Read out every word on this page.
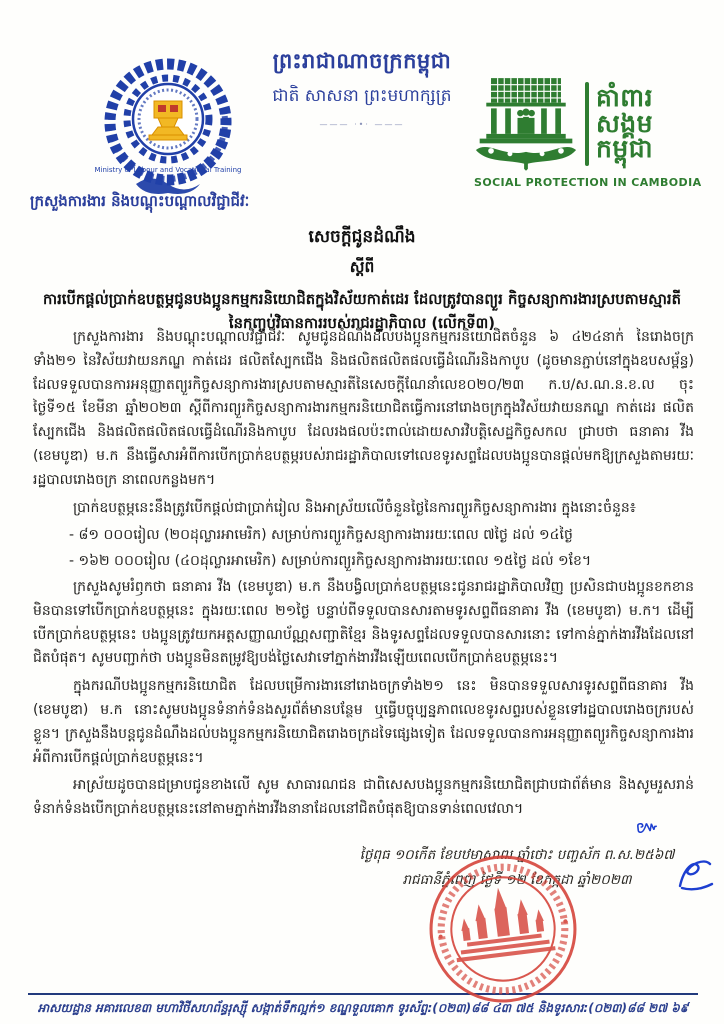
ព្រះរាជាណាចក្រកម្ពុជា
ជាតិ សាសនា ព្រះមហាក្សត្រ
——— ·•· ———
Ministry of Labour and Vocational Training
គាំពារ
សង្គម
កម្ពុជា
SOCIAL PROTECTION IN CAMBODIA
ក្រសួងការងារ និងបណ្តុះបណ្តាលវិជ្ជាជីវៈ
សេចក្តីជូនដំណឹង
ស្តីពី
ការបើកផ្តល់ប្រាក់ឧបត្ថម្ភជូនបងប្អូនកម្មករនិយោជិតក្នុងវិស័យកាត់ដេរ ដែលត្រូវបានព្យួរ កិច្ចសន្យាការងារស្របតាមស្មារតីនៃកញ្ចប់វិធានការរបស់រាជរដ្ឋាភិបាល (លើកទី៣)

ក្រសួងការងារ និងបណ្តុះបណ្តាលវិជ្ជាជីវៈ សូមជូនដំណឹងដល់បងប្អូនកម្មករនិយោជិតចំនួន ៦ ៤២៤នាក់ នៃរោងចក្រទាំង២១ នៃវិស័យវាយនភណ្ឌ កាត់ដេរ ផលិតស្បែកជើង និងផលិតផលិតផលធ្វើដំណើរនិងកាបូប (ដូចមានភ្ជាប់នៅក្នុងឧបសម្ព័ន្ធ) ដែលទទួលបានការអនុញ្ញាតព្យួរកិច្ចសន្យាការងារស្របតាមស្មារតីនៃសេចក្តីណែនាំលេខ០២០/២៣ ក.ប/ស.ណ.ន.ខ.ល ចុះថ្ងៃទី១៥ ខែមីនា ឆ្នាំ២០២៣ ស្តីពីការព្យួរកិច្ចសន្យាការងារកម្មករនិយោជិតធ្វើការនៅរោងចក្រក្នុងវិស័យវាយនភណ្ឌ កាត់ដេរ ផលិតស្បែកជើង និងផលិតផលិតផលធ្វើដំណើរនិងកាបូប ដែលរងផលប៉ះពាល់ដោយសារវិបត្តិសេដ្ឋកិច្ចសកល ជ្រាបថា ធនាគារ វីង (ខេមបូឌា) ម.ក នឹងធ្វើសារអំពីការបើកប្រាក់ឧបត្ថម្ភរបស់រាជរដ្ឋាភិបាលទៅលេខទូរសព្ទដែលបងប្អូនបានផ្តល់មកឱ្យក្រសួងតាមរយៈរដ្ឋបាលរោងចក្រ នាពេលកន្លងមក។

ប្រាក់ឧបត្ថម្ភនេះនឹងត្រូវបើកផ្តល់ជាប្រាក់រៀល និងអាស្រ័យលើចំនួនថ្ងៃនៃការព្យួរកិច្ចសន្យាការងារ ក្នុងនោះចំនួន៖

- ៨១ ០០០រៀល (២០ដុល្លារអាមេរិក) សម្រាប់ការព្យួរកិច្ចសន្យាការងាររយៈពេល ៧ថ្ងៃ ដល់ ១៤ថ្ងៃ

- ១៦២ ០០០រៀល (៤០ដុល្លារអាមេរិក) សម្រាប់ការព្យួរកិច្ចសន្យាការងាររយៈពេល ១៥ថ្ងៃ ដល់ ១ខែ។

ក្រសួងសូមរំឭកថា ធនាគារ វីង (ខេមបូឌា) ម.ក នឹងបង្វិលប្រាក់ឧបត្ថម្ភនេះជូនរាជរដ្ឋាភិបាលវិញ ប្រសិនជាបងប្អូនខកខាន មិនបានទៅបើកប្រាក់ឧបត្ថម្ភនេះ ក្នុងរយៈពេល ២១ថ្ងៃ បន្ទាប់ពីទទួលបានសារតាមទូរសព្ទពីធនាគារ វីង (ខេមបូឌា) ម.ក។ ដើម្បីបើកប្រាក់ឧបត្ថម្ភនេះ បងប្អូនត្រូវយកអត្តសញ្ញាណប័ណ្ណសញ្ជាតិខ្មែរ និងទូរសព្ទដែលទទួលបានសារនោះ ទៅកាន់ភ្នាក់ងារវីងដែលនៅជិតបំផុត។ សូមបញ្ជាក់ថា បងប្អូនមិនតម្រូវឱ្យបង់ថ្លៃសេវាទៅភ្នាក់ងារវីងឡើយពេលបើកប្រាក់ឧបត្ថម្ភនេះ។

ក្នុងករណីបងប្អូនកម្មករនិយោជិត ដែលបម្រើការងារនៅរោងចក្រទាំង២១ នេះ មិនបានទទួលសារទូរសព្ទពីធនាគារ វីង (ខេមបូឌា) ម.ក នោះសូមបងប្អូនទំនាក់ទំនងសួរព័ត៌មានបន្ថែម ឬធ្វើបច្ចុប្បន្នភាពលេខទូរសព្ទរបស់ខ្លួនទៅរដ្ឋបាលរោងចក្ររបស់ខ្លួន។ ក្រសួងនឹងបន្តជូនដំណឹងដល់បងប្អូនកម្មករនិយោជិតរោងចក្រដទៃផ្សេងទៀត ដែលទទួលបានការអនុញ្ញាតព្យួរកិច្ចសន្យាការងារអំពីការបើកផ្តល់ប្រាក់ឧបត្ថម្ភនេះ។

អាស្រ័យដូចបានជម្រាបជូនខាងលើ សូម សាធារណជន ជាពិសេសបងប្អូនកម្មករនិយោជិតជ្រាបជាព័ត៌មាន និងសូមរួសរាន់ទំនាក់ទំនងបើកប្រាក់ឧបត្ថម្ភនេះនៅតាមភ្នាក់ងារវីងនានាដែលនៅជិតបំផុតឱ្យបានទាន់ពេលវេលា។

៚
ថ្ងៃពុធ ១០កើត ខែបឋមាសាឍ ឆ្នាំថោះ បញ្ចស័ក ព.ស.២៥៦៧
រាជធានីភ្នំពេញ ថ្ងៃទី ១២ ខែកក្កដា ឆ្នាំ២០២៣
អាសយដ្ឋាន អគារលេខ៣ មហាវិថីសហព័ន្ធរុស្ស៊ី សង្កាត់ទឹកល្អក់១ ខណ្ឌទួលគោក ទូរស័ព្ទ:(០២៣)៨៨ ៤៣ ៧៥ និងទូរសារ:(០២៣)៨៨ ២៧ ៦៩
